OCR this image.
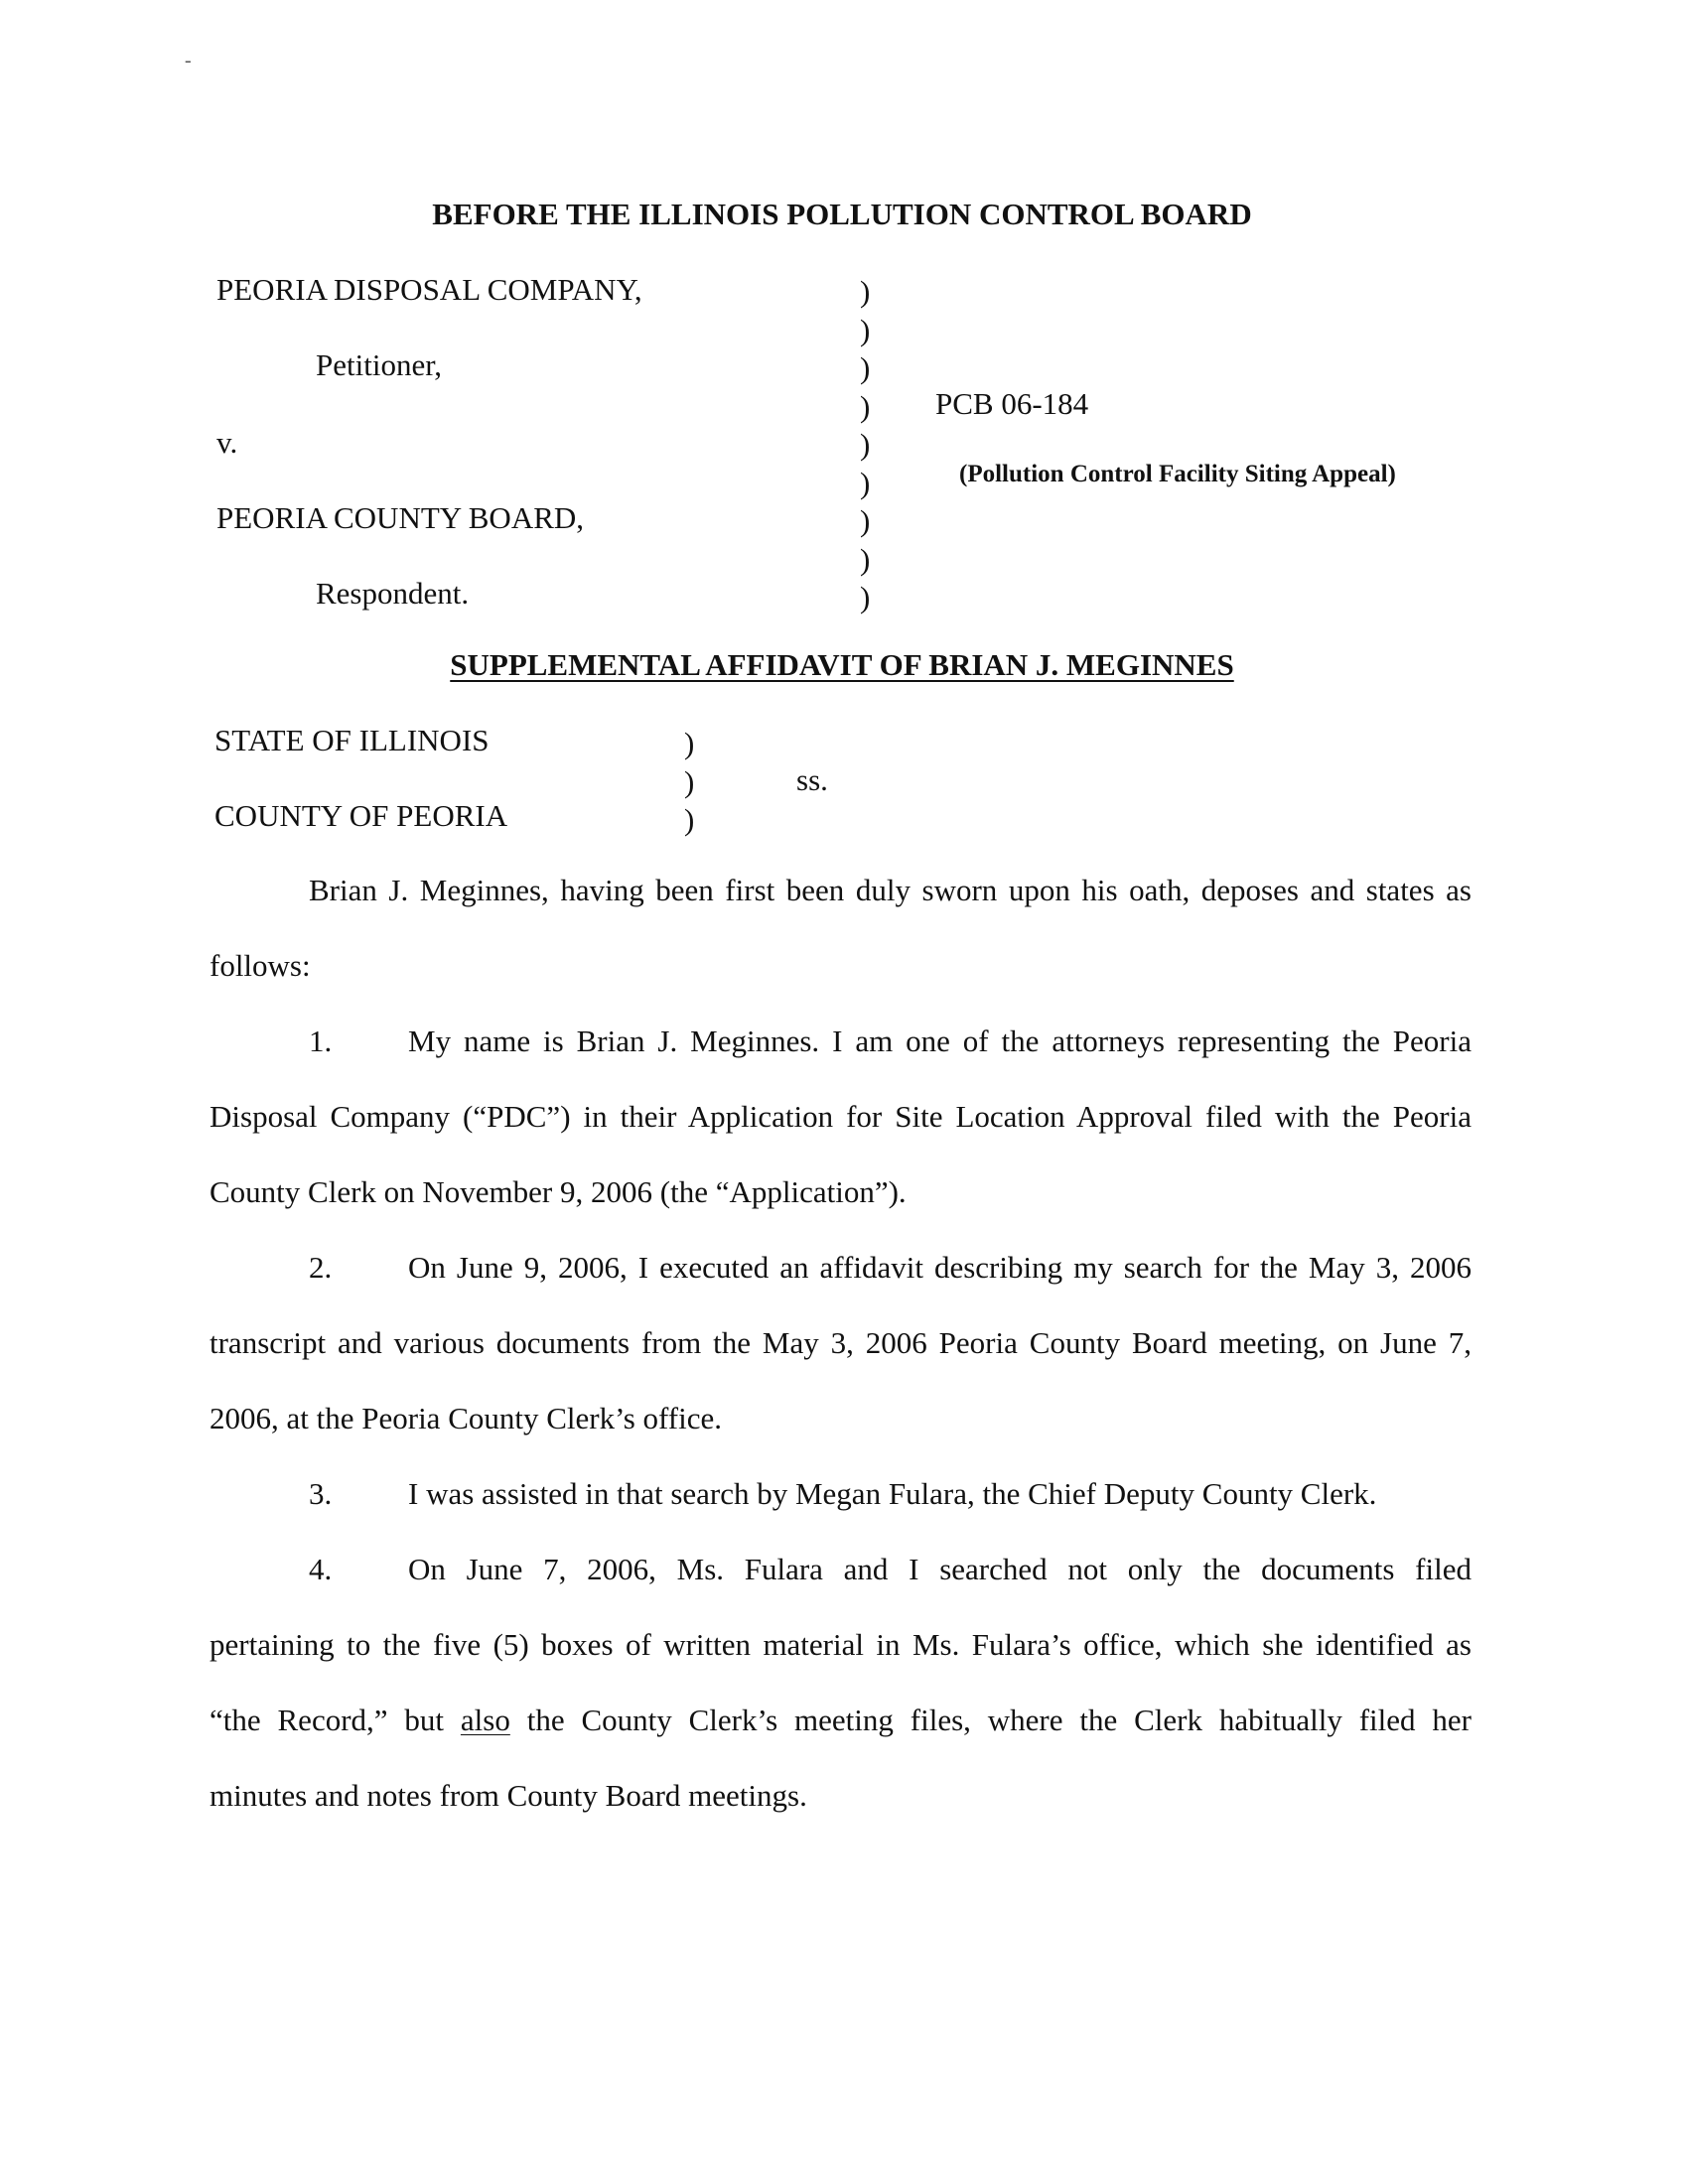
-
BEFORE THE ILLINOIS POLLUTION CONTROL BOARD
PEORIA DISPOSAL COMPANY,
Petitioner,
v.
PEORIA COUNTY BOARD,
Respondent.
)
)
)
)
)
)
)
)
)
PCB 06-184
(Pollution Control Facility Siting Appeal)
SUPPLEMENTAL AFFIDAVIT OF BRIAN J. MEGINNES
STATE OF ILLINOIS
COUNTY OF PEORIA
)
)
)
ss.
Brian J. Meginnes, having been first been duly sworn upon his oath, deposes and states as
follows:
1. My name is Brian J. Meginnes. I am one of the attorneys representing the Peoria
Disposal Company (“PDC”) in their Application for Site Location Approval filed with the Peoria
County Clerk on November 9, 2006 (the “Application”).
2. On June 9, 2006, I executed an affidavit describing my search for the May 3, 2006
transcript and various documents from the May 3, 2006 Peoria County Board meeting, on June 7,
2006, at the Peoria County Clerk’s office.
3. I was assisted in that search by Megan Fulara, the Chief Deputy County Clerk.
4. On June 7, 2006, Ms. Fulara and I searched not only the documents filed
pertaining to the five (5) boxes of written material in Ms. Fulara’s office, which she identified as
“the Record,” but also the County Clerk’s meeting files, where the Clerk habitually filed her
minutes and notes from County Board meetings.
